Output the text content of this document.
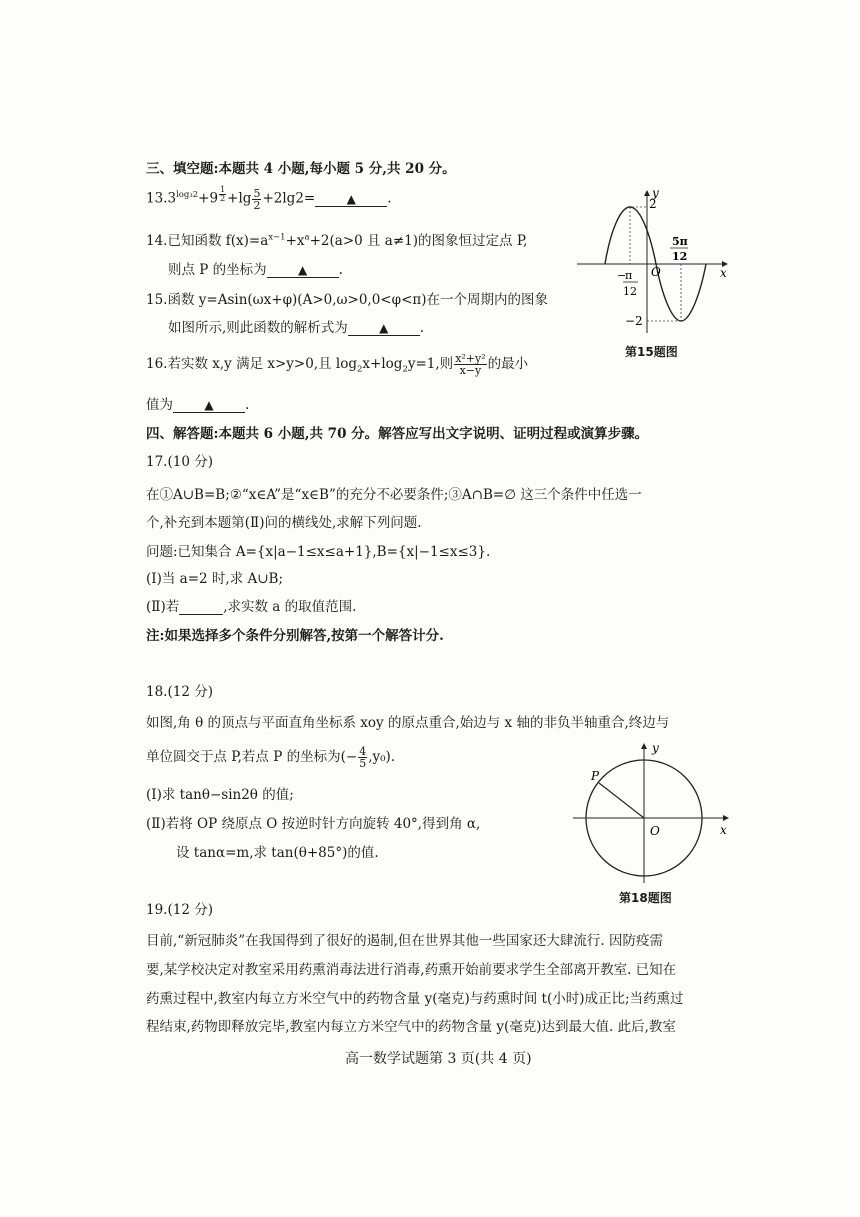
三、填空题:本题共 4 小题,每小题 5 分,共 20 分。
$13.3^{log_32}+9$ $^{\frac{1}{2}} +\lg \frac{5}{2} +2\lg 2=$	▲ .
14.已知函数 $f(x)=a^{x-1}+x^a+2(a>0$ 且 a≠1)的图象恒过定点 P,
则点 P 的坐标为	▲ .
15.函数 y=Asin(ωx+φ)(A>0,ω>0,0<φ<π)在一个周期内的图象
如图所示,则此函数的解析式为	▲ .
16.若实数 x,y 满足 x>y>0,且 $\log_2x+\log_2y=1$,则 $\frac{\text{x²+y²}}{x-y}$ 的最小
值为	▲ .
y
x
2
O
−2
−
π
12
5π
12
第15题图
四、解答题:本题共 6 小题,共 70 分。解答应写出文字说明、证明过程或演算步骤。
17.(10 分)
在①A∪B=B;②“x∈A”是“x∈B”的充分不必要条件;③A∩B=∅ 这三个条件中任选一
个,补充到本题第(Ⅱ)问的横线处,求解下列问题.
问题:已知集合 A={x|a−1≤x≤a+1},B={x|−1≤x≤3}.
(Ⅰ)当 a=2 时,求 A∪B;
(Ⅱ)若	,求实数 a 的取值范围.
注:如果选择多个条件分别解答,按第一个解答计分.
18.(12 分)
如图,角 θ 的顶点与平面直角坐标系 xoy 的原点重合,始边与 x 轴的非负半轴重合,终边与
单位圆交于点 P,若点 P 的坐标为(− $\frac{4}{5} ,y_0$).
(Ⅰ)求 tanθ−sin2θ 的值;
(Ⅱ)若将 OP 绕原点 O 按逆时针方向旋转 40°,得到角 α,
设 tanα=m,求 tan(θ+85°)的值.
P
y
x
O
第18题图
19.(12 分)
目前,“新冠肺炎”在我国得到了很好的遏制,但在世界其他一些国家还大肆流行. 因防疫需
要,某学校决定对教室采用药熏消毒法进行消毒,药熏开始前要求学生全部离开教室. 已知在
药熏过程中,教室内每立方米空气中的药物含量 y(毫克)与药熏时间 t(小时)成正比;当药熏过
程结束,药物即释放完毕,教室内每立方米空气中的药物含量 y(毫克)达到最大值. 此后,教室
高一数学试题第 3 页(共 4 页)
